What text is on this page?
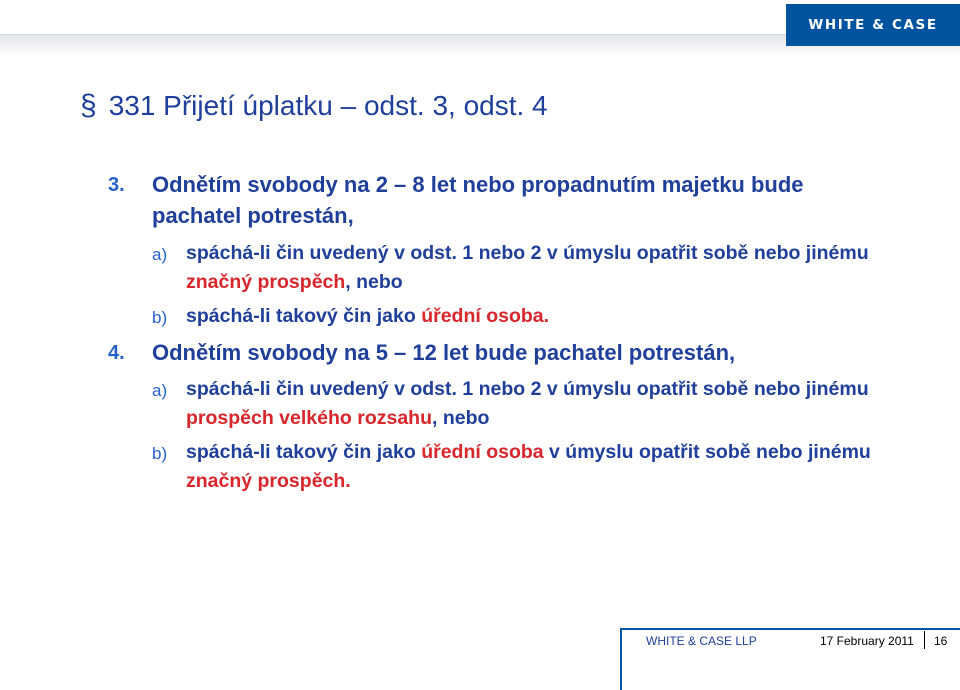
WHITE & CASE
§ 331 Přijetí úplatku – odst. 3, odst. 4
3. Odnětím svobody na 2 – 8 let nebo propadnutím majetku bude
pachatel potrestán,
a) spáchá-li čin uvedený v odst. 1 nebo 2 v úmyslu opatřit sobě nebo jinému
značný prospěch, nebo
b) spáchá-li takový čin jako úřední osoba.
4. Odnětím svobody na 5 – 12 let bude pachatel potrestán,
a) spáchá-li čin uvedený v odst. 1 nebo 2 v úmyslu opatřit sobě nebo jinému
prospěch velkého rozsahu, nebo
b) spáchá-li takový čin jako úřední osoba v úmyslu opatřit sobě nebo jinému
značný prospěch.
WHITE & CASE LLP	17 February 2011 16
